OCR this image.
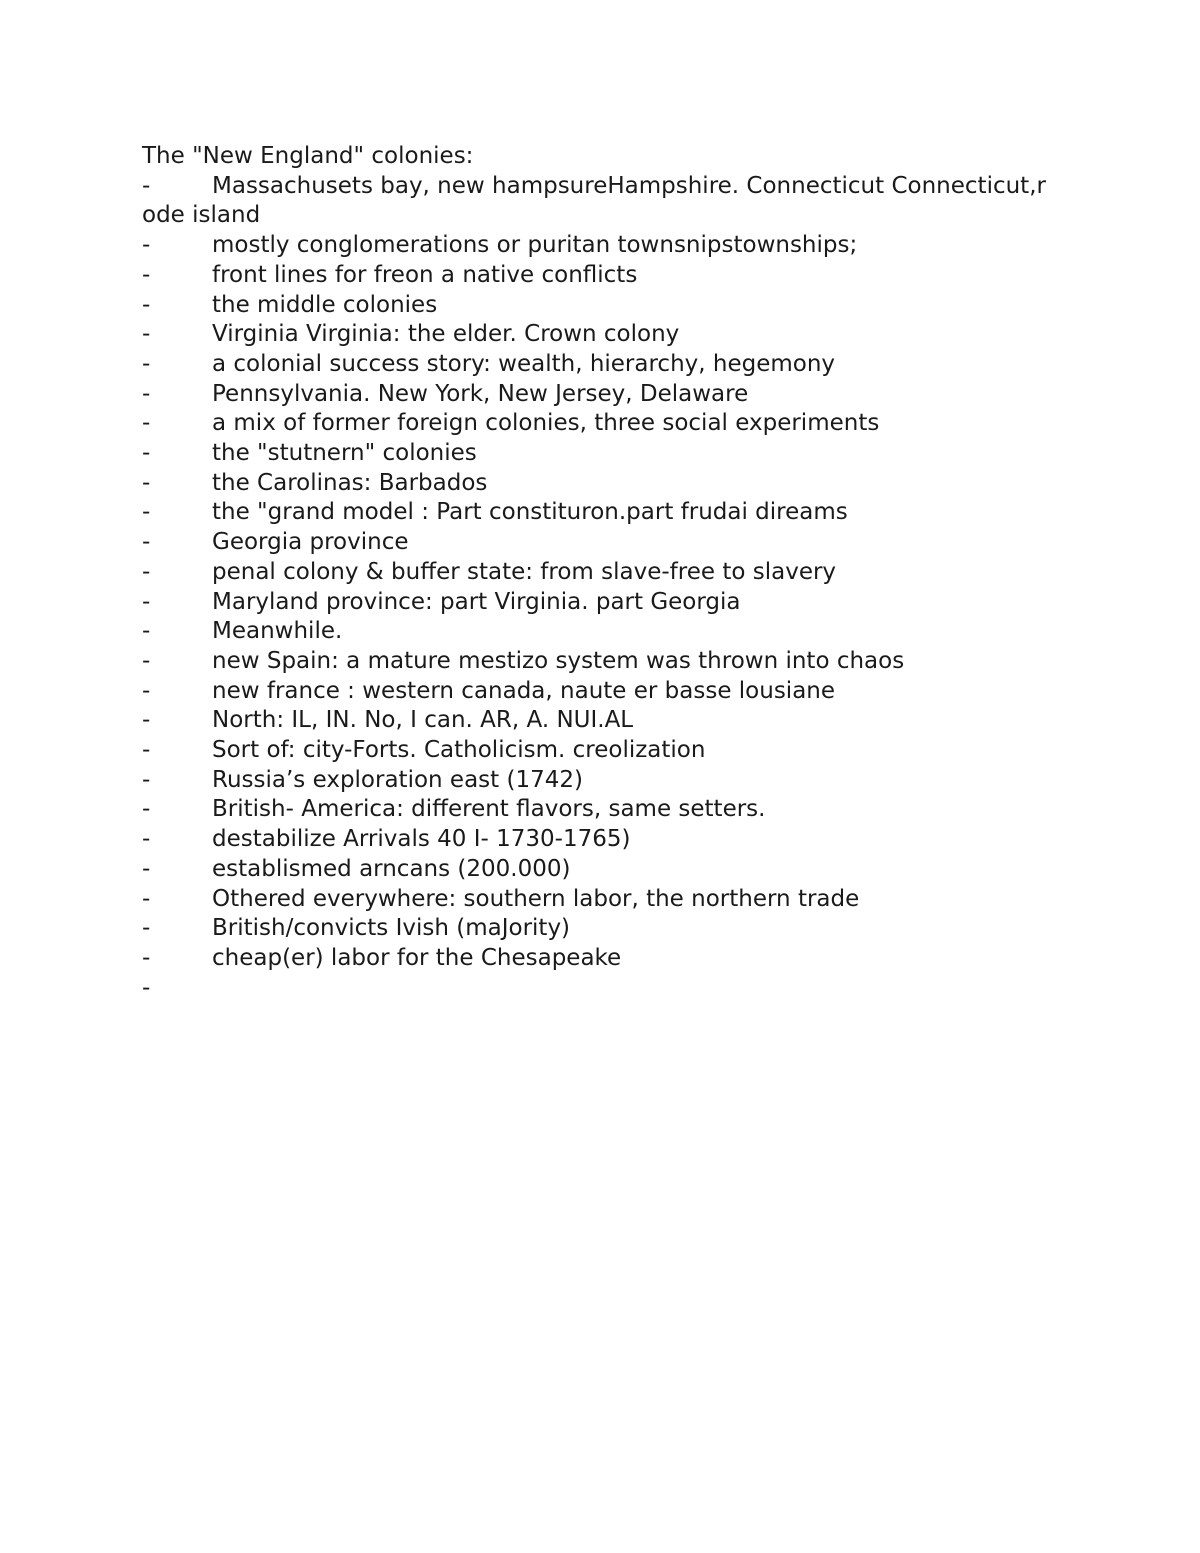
The "New England" colonies:

-	Massachusets bay, new hampsureHampshire. Connecticut Connecticut,r ode island
-	mostly conglomerations or puritan townsnipstownships;
-	front lines for freon a native conflicts
-	the middle colonies
-	Virginia Virginia: the elder. Crown colony
-	a colonial success story: wealth, hierarchy, hegemony
-	Pennsylvania. New York, New Jersey, Delaware
-	a mix of former foreign colonies, three social experiments
-	the "stutnern" colonies
-	the Carolinas: Barbados
-	the "grand model : Part constituron.part frudai direams
-	Georgia province
-	penal colony & buffer state: from slave-free to slavery
-	Maryland province: part Virginia. part Georgia
-	Meanwhile.
-	new Spain: a mature mestizo system was thrown into chaos
-	new france : western canada, naute er basse lousiane
-	North: IL, IN. No, I can. AR, A. NUI.AL
-	Sort of: city-Forts. Catholicism. creolization
-	Russia’s exploration east (1742)
-	British- America: different flavors, same setters.
-	destabilize Arrivals 40 I- 1730-1765)
-	establismed arncans (200.000)
-	Othered everywhere: southern labor, the northern trade
-	British/convicts Ivish (maJority)
-	cheap(er) labor for the Chesapeake
-
